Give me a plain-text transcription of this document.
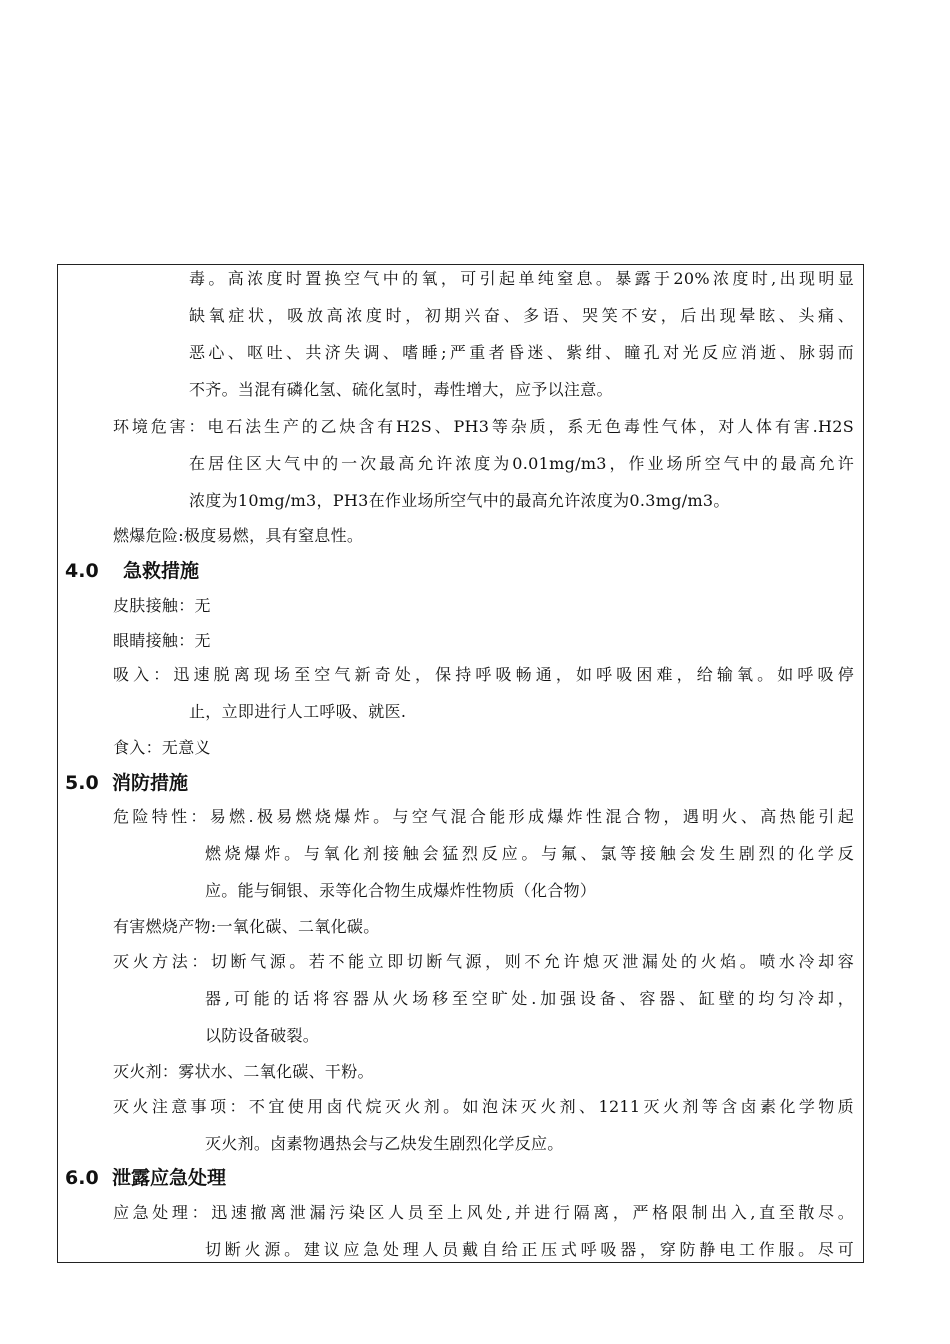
毒。高浓度时置换空气中的氧，可引起单纯窒息。暴露于20%浓度时,出现明显
缺氧症状，吸放高浓度时，初期兴奋、多语、哭笑不安，后出现晕眩、头痛、
恶心、呕吐、共济失调、嗜睡;严重者昏迷、紫绀、瞳孔对光反应消逝、脉弱而
不齐。当混有磷化氢、硫化氢时，毒性增大，应予以注意。
环境危害：电石法生产的乙炔含有H2S、PH3等杂质，系无色毒性气体，对人体有害.H2S
在居住区大气中的一次最高允许浓度为0.01mg/m3，作业场所空气中的最高允许
浓度为10mg/m3，PH3在作业场所空气中的最高允许浓度为0.3mg/m3。
燃爆危险:极度易燃，具有窒息性。
4.0 急救措施
皮肤接触：无
眼睛接触：无
吸入：迅速脱离现场至空气新奇处，保持呼吸畅通，如呼吸困难，给输氧。如呼吸停
止，立即进行人工呼吸、就医.
食入：无意义
5.0 消防措施
危险特性：易燃.极易燃烧爆炸。与空气混合能形成爆炸性混合物，遇明火、高热能引起
燃烧爆炸。与氧化剂接触会猛烈反应。与氟、氯等接触会发生剧烈的化学反
应。能与铜银、汞等化合物生成爆炸性物质（化合物）
有害燃烧产物:一氧化碳、二氧化碳。
灭火方法：切断气源。若不能立即切断气源，则不允许熄灭泄漏处的火焰。喷水冷却容
器,可能的话将容器从火场移至空旷处.加强设备、容器、缸壁的均匀冷却，
以防设备破裂。
灭火剂：雾状水、二氧化碳、干粉。
灭火注意事项：不宜使用卤代烷灭火剂。如泡沫灭火剂、1211灭火剂等含卤素化学物质
灭火剂。卤素物遇热会与乙炔发生剧烈化学反应。
6.0 泄露应急处理
应急处理：迅速撤离泄漏污染区人员至上风处,并进行隔离，严格限制出入,直至散尽。
切断火源。建议应急处理人员戴自给正压式呼吸器，穿防静电工作服。尽可
